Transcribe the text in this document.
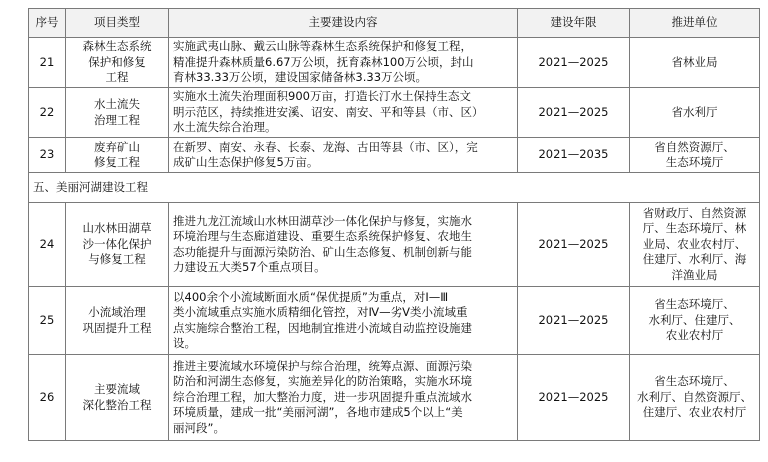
序号	项目类型	主要建设内容	建设年限	推进单位
21	森林生态系统
保护和修复
工程	实施武夷山脉、戴云山脉等森林生态系统保护和修复工程，
精准提升森林质量6.67万公顷，抚育森林100万公顷，封山
育林33.33万公顷，建设国家储备林3.33万公顷。	2021—2025	省林业局

22	水土流失
治理工程	实施水土流失治理面积900万亩，打造长汀水土保持生态文
明示范区，持续推进安溪、诏安、南安、平和等县（市、区）
水土流失综合治理。	2021—2025	省水利厅

23	废弃矿山
修复工程	在新罗、南安、永春、长泰、龙海、古田等县（市、区），完
成矿山生态保护修复5万亩。	2021—2035	省自然资源厅、
生态环境厅

五、美丽河湖建设工程				
24	山水林田湖草
沙一体化保护
与修复工程	推进九龙江流域山水林田湖草沙一体化保护与修复，实施水
环境治理与生态廊道建设、重要生态系统保护修复、农地生
态功能提升与面源污染防治、矿山生态修复、机制创新与能
力建设五大类57个重点项目。	2021—2025	省财政厅、自然资源
厅、生态环境厅、林
业局、农业农村厅、
住建厅、水利厅、海
洋渔业局

25	小流域治理
巩固提升工程	以400余个小流域断面水质“保优提质”为重点，对Ⅰ—Ⅲ
类小流域重点实施水质精细化管控，对Ⅳ—劣Ⅴ类小流域重
点实施综合整治工程，因地制宜推进小流域自动监控设施建
设。	2021—2025	省生态环境厅、
水利厅、住建厅、
农业农村厅

26	主要流域
深化整治工程	推进主要流域水环境保护与综合治理，统筹点源、面源污染
防治和河湖生态修复，实施差异化的防治策略，实施水环境
综合治理工程，加大整治力度，进一步巩固提升重点流域水
环境质量，建成一批“美丽河湖”，各地市建成5个以上“美
丽河段”。	2021—2025	省生态环境厅、
水利厅、自然资源厅、
住建厅、农业农村厅
